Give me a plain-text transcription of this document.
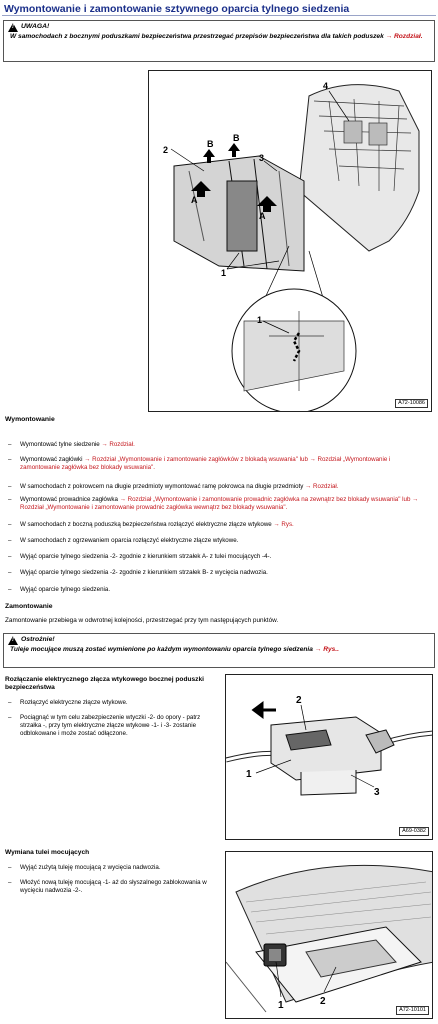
Wymontowanie i zamontowanie sztywnego oparcia tylnego siedzenia
!
UWAGA!
W samochodach z bocznymi poduszkami bezpieczeństwa przestrzegać przepisów bezpieczeństwa dla takich poduszek → Rozdział.
2
3
4
A
A
B
B
1
1
A72-10086
Wymontowanie
–	Wymontować tylne siedzenie → Rozdział.
–	Wymontować zagłówki → Rozdział „Wymontowanie i zamontowanie zagłówków z blokadą wsuwania" lub → Rozdział „Wymontowanie i zamontowanie zagłówka bez blokady wsuwania".
–	W samochodach z pokrowcem na długie przedmioty wymontować ramę pokrowca na długie przedmioty → Rozdział.
–	Wymontować prowadnice zagłówka → Rozdział „Wymontowanie i zamontowanie prowadnic zagłówka na zewnątrz bez blokady wsuwania" lub → Rozdział „Wymontowanie i zamontowanie prowadnic zagłówka wewnątrz bez blokady wsuwania".
–	W samochodach z boczną poduszką bezpieczeństwa rozłączyć elektryczne złącze wtykowe → Rys.
–	W samochodach z ogrzewaniem oparcia rozłączyć elektryczne złącze wtykowe.
–	Wyjąć oparcie tylnego siedzenia -2- zgodnie z kierunkiem strzałek A- z tulei mocujących -4-.
–	Wyjąć oparcie tylnego siedzenia -2- zgodnie z kierunkiem strzałek B- z wycięcia nadwozia.
–	Wyjąć oparcie tylnego siedzenia.
Zamontowanie
Zamontowanie przebiega w odwrotnej kolejności, przestrzegać przy tym następujących punktów.
!
Ostrożnie!
Tuleje mocujące muszą zostać wymienione po każdym wymontowaniu oparcia tylnego siedzenia → Rys..
Rozłączanie elektrycznego złącza wtykowego bocznej poduszki bezpieczeństwa
–	Rozłączyć elektryczne złącze wtykowe.
–	Pociągnąć w tym celu zabezpieczenie wtyczki -2- do opory - patrz strzałka -, przy tym elektryczne złącze wtykowe -1- i -3- zostanie odblokowane i może zostać odłączone.
2
1
3
A69-0382
Wymiana tulei mocujących
–	Wyjąć zużytą tuleję mocującą z wycięcia nadwozia.
–	Włożyć nową tuleję mocującą -1- aż do słyszalnego zablokowania w wycięciu nadwozia -2-.
1	2
A72-10101
